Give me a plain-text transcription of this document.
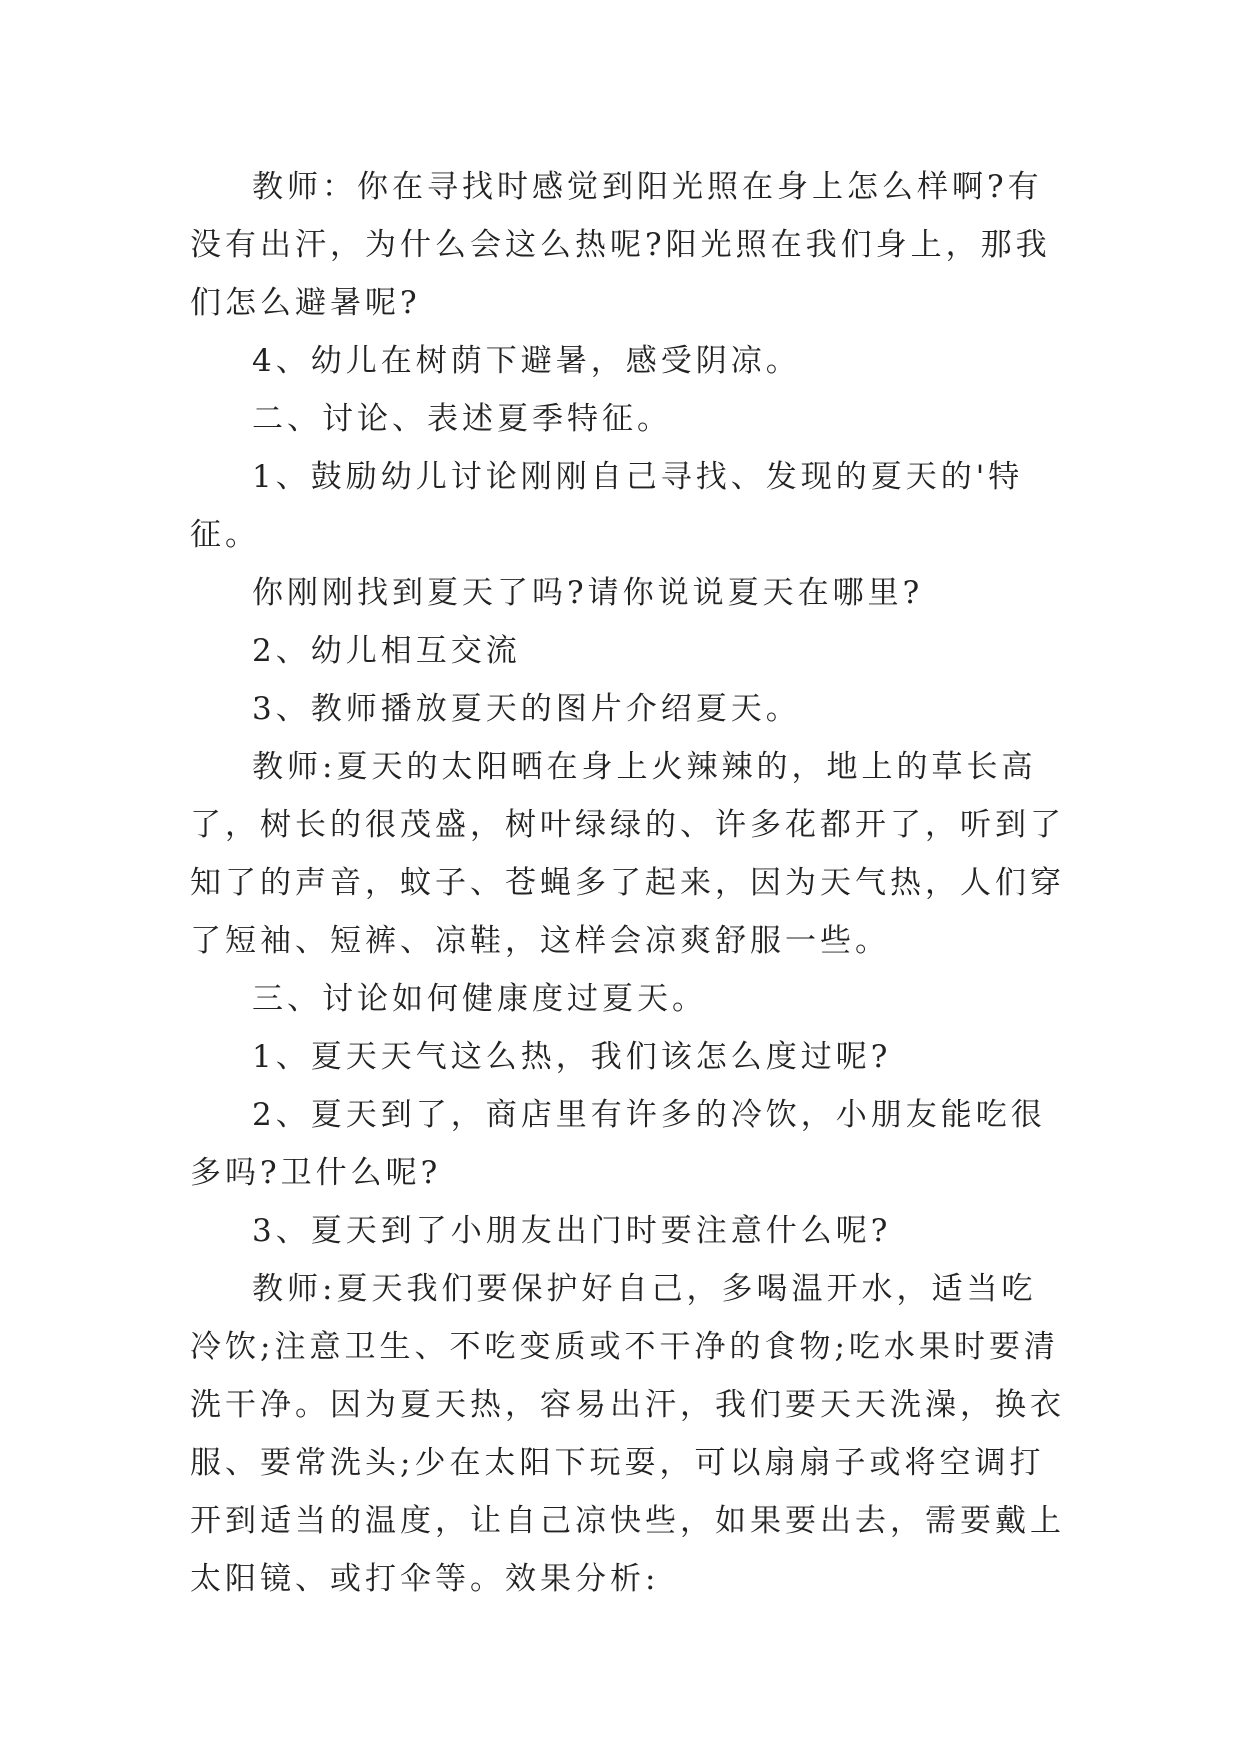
教师：你在寻找时感觉到阳光照在身上怎么样啊?有没有出汗，为什么会这么热呢?阳光照在我们身上，那我们怎么避暑呢?

4、幼儿在树荫下避暑，感受阴凉。

二、讨论、表述夏季特征。

1、鼓励幼儿讨论刚刚自己寻找、发现的夏天的'特征。

你刚刚找到夏天了吗?请你说说夏天在哪里?

2、幼儿相互交流

3、教师播放夏天的图片介绍夏天。

教师:夏天的太阳晒在身上火辣辣的，地上的草长高了，树长的很茂盛，树叶绿绿的、许多花都开了，听到了知了的声音，蚊子、苍蝇多了起来，因为天气热，人们穿了短袖、短裤、凉鞋，这样会凉爽舒服一些。

三、讨论如何健康度过夏天。

1、夏天天气这么热，我们该怎么度过呢?

2、夏天到了，商店里有许多的冷饮，小朋友能吃很多吗?卫什么呢?

3、夏天到了小朋友出门时要注意什么呢?

教师:夏天我们要保护好自己，多喝温开水，适当吃冷饮;注意卫生、不吃变质或不干净的食物;吃水果时要清洗干净。因为夏天热，容易出汗，我们要天天洗澡，换衣服、要常洗头;少在太阳下玩耍，可以扇扇子或将空调打开到适当的温度，让自己凉快些，如果要出去，需要戴上太阳镜、或打伞等。效果分析:
